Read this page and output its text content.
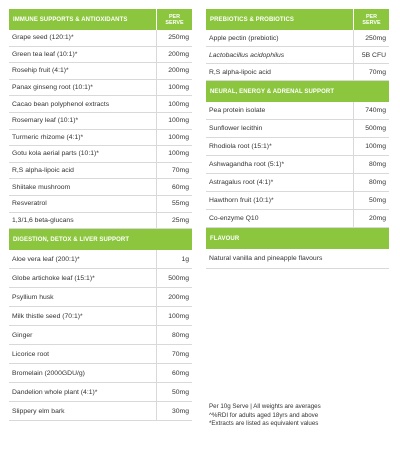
IMMUNE SUPPORTS & ANTIOXIDANTS	PER
SERVE
Grape seed (120:1)*	250mg
Green tea leaf (10:1)*	200mg
Rosehip fruit (4:1)*	200mg
Panax ginseng root (10:1)*	100mg
Cacao bean polyphenol extracts	100mg
Rosemary leaf (10:1)*	100mg
Turmeric rhizome (4:1)*	100mg
Gotu kola aerial parts (10:1)*	100mg
R,S alpha-lipoic acid	70mg
Shiitake mushroom	60mg
Resveratrol	55mg
1,3/1,6 beta-glucans	25mg
DIGESTION, DETOX & LIVER SUPPORT
Aloe vera leaf (200:1)*	1g
Globe artichoke leaf (15:1)*	500mg
Psyllium husk	200mg
Milk thistle seed (70:1)*	100mg
Ginger	80mg
Licorice root	70mg
Bromelain (2000GDU/g)	60mg
Dandelion whole plant (4:1)*	50mg
Slippery elm bark	30mg
PREBIOTICS & PROBIOTICS	PER
SERVE
Apple pectin (prebiotic)	250mg
Lactobacillus acidophilus	5B CFU
R,S alpha-lipoic acid	70mg
NEURAL, ENERGY & ADRENAL SUPPORT
Pea protein isolate	740mg
Sunflower lecithin	500mg
Rhodiola root (15:1)*	100mg
Ashwagandha root (5:1)*	80mg
Astragalus root (4:1)*	80mg
Hawthorn fruit (10:1)*	50mg
Co-enzyme Q10	20mg
FLAVOUR
Natural vanilla and pineapple flavours
Per 10g Serve | All weights are averages
^%RDI for adults aged 18yrs and above
*Extracts are listed as equivalent values
